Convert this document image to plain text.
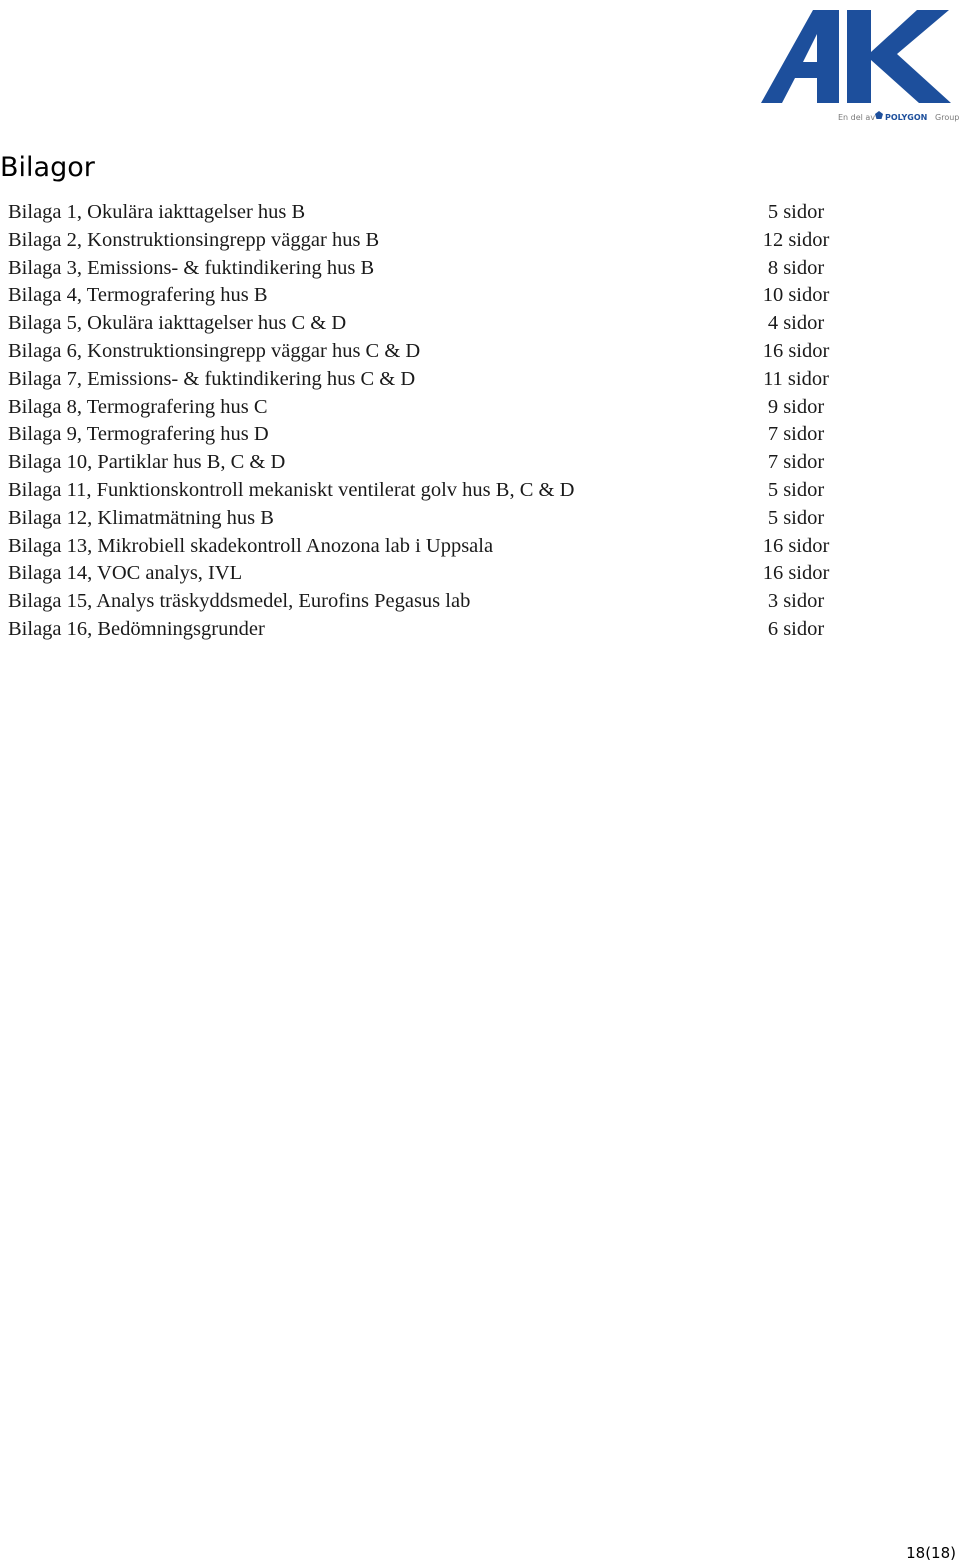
En del av POLYGON Group
Bilagor
Bilaga 1, Okulära iakttagelser hus B	5 sidor
Bilaga 2, Konstruktionsingrepp väggar hus B	12 sidor
Bilaga 3, Emissions- & fuktindikering hus B	8 sidor
Bilaga 4, Termografering hus B	10 sidor
Bilaga 5, Okulära iakttagelser hus C & D	4 sidor
Bilaga 6, Konstruktionsingrepp väggar hus C & D	16 sidor
Bilaga 7, Emissions- & fuktindikering hus C & D	11 sidor
Bilaga 8, Termografering hus C	9 sidor
Bilaga 9, Termografering hus D	7 sidor
Bilaga 10, Partiklar hus B, C & D	7 sidor
Bilaga 11, Funktionskontroll mekaniskt ventilerat golv hus B, C & D	5 sidor
Bilaga 12, Klimatmätning hus B	5 sidor
Bilaga 13, Mikrobiell skadekontroll Anozona lab i Uppsala	16 sidor
Bilaga 14, VOC analys, IVL	16 sidor
Bilaga 15, Analys träskyddsmedel, Eurofins Pegasus lab	3 sidor
Bilaga 16, Bedömningsgrunder	6 sidor
18(18)
